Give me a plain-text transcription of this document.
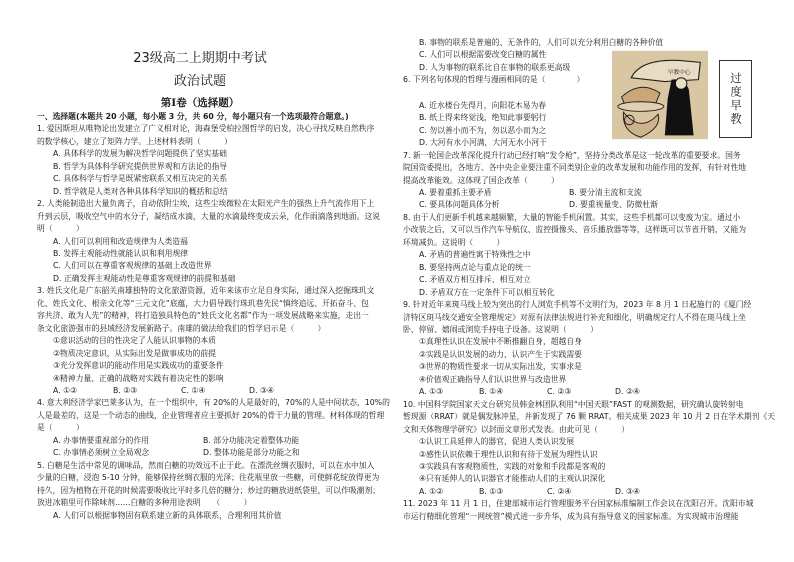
23级高二上期期中考试
政治试题
第Ⅰ卷（选择题）
一、选择题(本题共 20 小题，每小题 3 分，共 60 分，每小题只有一个选项最符合题意。)
1. 爱因斯坦从唯物论出发建立了广义相对论，海森堡受柏拉图哲学的启发，决心寻找反映自然秩序
的数学核心，建立了矩阵力学。上述材料表明（　　　）
A. 具体科学的发展为解决哲学问题提供了坚实基础
B. 哲学为具体科学研究提供世界观和方法论的指导
C. 具体科学与哲学是既紧密联系又相互决定的关系
D. 哲学就是人类对各种具体科学知识的概括和总结
2. 人类能制造出大量负离子，自动依附尘埃，这些尘埃微粒在太阳光产生的强热上升气流作用下上
升到云层，吸收空气中的水分子，凝结成水滴，大量的水滴最终变成云朵，化作雨滴落到地面。这说
明（　　　）
A. 人们可以利用和改造规律为人类造福
B. 发挥主观能动性就能认识和利用规律
C. 人们可以在尊重客观规律的基础上改造世界
D. 正确发挥主观能动性是尊重客观规律的前提和基础
3. 姓氏文化是广东韶关南雄独特的文化旅游资源，近年来该市立足自身实际，通过深入挖掘珠玑文
化、姓氏文化、根亲文化等“三元文化”底蕴，大力倡导践行珠玑巷先民“慎终追远、开拓奋斗、包
容共济、敢为人先”的精神，将打造独具特色的“姓氏文化名都”作为一项发展战略来实施，走出一
条文化旅游强市的县域经济发展新路子。南雄的做法给我们的哲学启示是（　　　）
①意识活动的目的性决定了人能认识事物的本质
②物质决定意识，从实际出发是做事成功的前提
③充分发挥意识的能动作用是实践成功的重要条件
④精神力量、正确的战略对实践有着决定性的影响
A. ①②	B. ②③	C. ①④	D. ③④
4. 意大利经济学家巴莱多认为，在一个组织中，有 20%的人是最好的，70%的人是中间状态，10%的
人是最差的，这是一个动态的曲线，企业管理者应主要抓好 20%的骨干力量的管理。材料体现的哲理
是（　　　）
A. 办事情要重视部分的作用	B. 部分功能决定着整体功能
C. 办事情必须树立全局观念	D. 整体功能是部分功能之和
5. 白糖是生活中常见的调味品，然而白糖的功效远不止于此。在漂洗丝绸衣服时，可以在水中加入
少量的白糖，浸泡 5-10 分钟，能够保持丝绸衣服的光泽；往花瓶里放一些糖，可使鲜花绽放得更为
持久，因为植物在开花的时候需要吸收比平时多几倍的糖分；炒过的糖放进纸袋里，可以作吸潮剂；
放进冰箱里可作除味剂……白糖的多种用途表明　　（　　　）
A. 人们可以根据事物固有联系建立新的具体联系，合理利用其价值
B. 事物的联系是普遍的、无条件的，人们可以充分利用白糖的各种价值
C. 人们可以根据需要改变白糖的属性
D. 人为事物的联系比自在事物的联系更高级
6. 下列名句体现的哲理与漫画相同的是（　　　　）
A. 近水楼台先得月，向阳花木易为春
B. 纸上得来终觉浅，绝知此事要躬行
C. 勿以善小而不为，勿以恶小而为之
D. 大河有水小河满，大河无水小河干
7. 新一轮国企改革深化提升行动已经打响“发令枪”，坚持分类改革是这一轮改革的重要要求。国务
院国资委提出，各地方、各中央企业要注重不同类别企业的改革发展和功能作用的发挥，有针对性地
提高改革能效。这体现了国企改革（　　　）
A. 要着重抓主要矛盾	B. 要分清主流和支流
C. 要具体问题具体分析	D. 要重视量变、防微杜渐
8. 由于人们更新手机越来越频繁，大量的智能手机闲置。其实，这些手机都可以变废为宝。通过小
小改装之后，又可以当作汽车导航仪、监控摄像头、音乐播放器等等，这样既可以节省开销，又能为
环境减负。这说明（　　　）
A. 矛盾的普遍性寓于特殊性之中
B. 要坚持两点论与重点论的统一
C. 矛盾双方相互排斥、相互对立
D. 矛盾双方在一定条件下可以相互转化
9. 针对近年来斑马线上较为突出的行人浏览手机等不文明行为，2023 年 8 月 1 日起施行的《厦门经
济特区斑马线交通安全管理规定》对原有法律法规进行补充和细化，明确规定行人不得在斑马线上坐
卧、停留、嬉闹或浏览手持电子设备。这说明（　　　）
①真理性认识在发展中不断推翻自身，超越自身
②实践是认识发展的动力，认识产生于实践需要
③世界的物质性要求一切从实际出发，实事求是
④价值观正确指导人们认识世界与改造世界
A. ①③	B. ①④	C. ②③	D. ②④
10. 中国科学院国家天文台研究员韩金林团队利用“中国天眼”FAST 的观测数据，研究确认旋转射电
暂现源（RRAT）就是偶发脉冲星，并新发现了 76 颗 RRAT。相关成果 2023 年 10 月 2 日在学术期刊《天
文和天体物理学研究》以封面文章形式发表。由此可见（　　　）
①认识工具延伸人的器官，促进人类认识发展
②感性认识依赖于理性认识和有待于发展为理性认识
③实践具有客观物质性，实践的对象和手段都是客观的
④只有延伸人的认识器官才能推动人们的主观认识深化
A. ①②	B. ①③	C. ②④	D. ③④
11. 2023 年 11 月 1 日，住建部城市运行管理服务平台国家标准编制工作会议在沈阳召开。沈阳市城
市运行精细化管理“一网统管”模式进一步升华，成为具有指导意义的国家标准。为实现城市治理能
早教中心	过度早教
